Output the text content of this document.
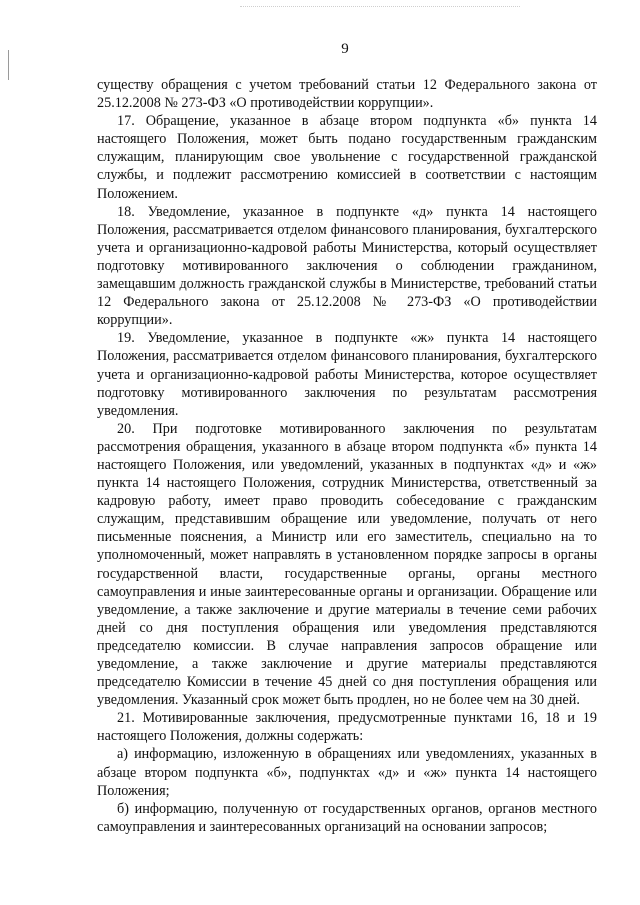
9

существу обращения с учетом требований статьи 12 Федерального закона от 25.12.2008 № 273-ФЗ «О противодействии коррупции».

17. Обращение, указанное в абзаце втором подпункта «б» пункта 14 настоящего Положения, может быть подано государственным гражданским служащим, планирующим свое увольнение с государственной гражданской службы, и подлежит рассмотрению комиссией в соответствии с настоящим Положением.

18. Уведомление, указанное в подпункте «д» пункта 14 настоящего Положения, рассматривается отделом финансового планирования, бухгалтерского учета и организационно-кадровой работы Министерства, который осуществляет подготовку мотивированного заключения о соблюдении гражданином, замещавшим должность гражданской службы в Министерстве, требований статьи 12 Федерального закона от 25.12.2008 № 273-ФЗ «О противодействии коррупции».

19. Уведомление, указанное в подпункте «ж» пункта 14 настоящего Положения, рассматривается отделом финансового планирования, бухгалтерского учета и организационно-кадровой работы Министерства, которое осуществляет подготовку мотивированного заключения по результатам рассмотрения уведомления.

20. При подготовке мотивированного заключения по результатам рассмотрения обращения, указанного в абзаце втором подпункта «б» пункта 14 настоящего Положения, или уведомлений, указанных в подпунктах «д» и «ж» пункта 14 настоящего Положения, сотрудник Министерства, ответственный за кадровую работу, имеет право проводить собеседование с гражданским служащим, представившим обращение или уведомление, получать от него письменные пояснения, а Министр или его заместитель, специально на то уполномоченный, может направлять в установленном порядке запросы в органы государственной власти, государственные органы, органы местного самоуправления и иные заинтересованные органы и организации. Обращение или уведомление, а также заключение и другие материалы в течение семи рабочих дней со дня поступления обращения или уведомления представляются председателю комиссии. В случае направления запросов обращение или уведомление, а также заключение и другие материалы представляются председателю Комиссии в течение 45 дней со дня поступления обращения или уведомления. Указанный срок может быть продлен, но не более чем на 30 дней.

21. Мотивированные заключения, предусмотренные пунктами 16, 18 и 19 настоящего Положения, должны содержать:

а) информацию, изложенную в обращениях или уведомлениях, указанных в абзаце втором подпункта «б», подпунктах «д» и «ж» пункта 14 настоящего Положения;

б) информацию, полученную от государственных органов, органов местного самоуправления и заинтересованных организаций на основании запросов;
